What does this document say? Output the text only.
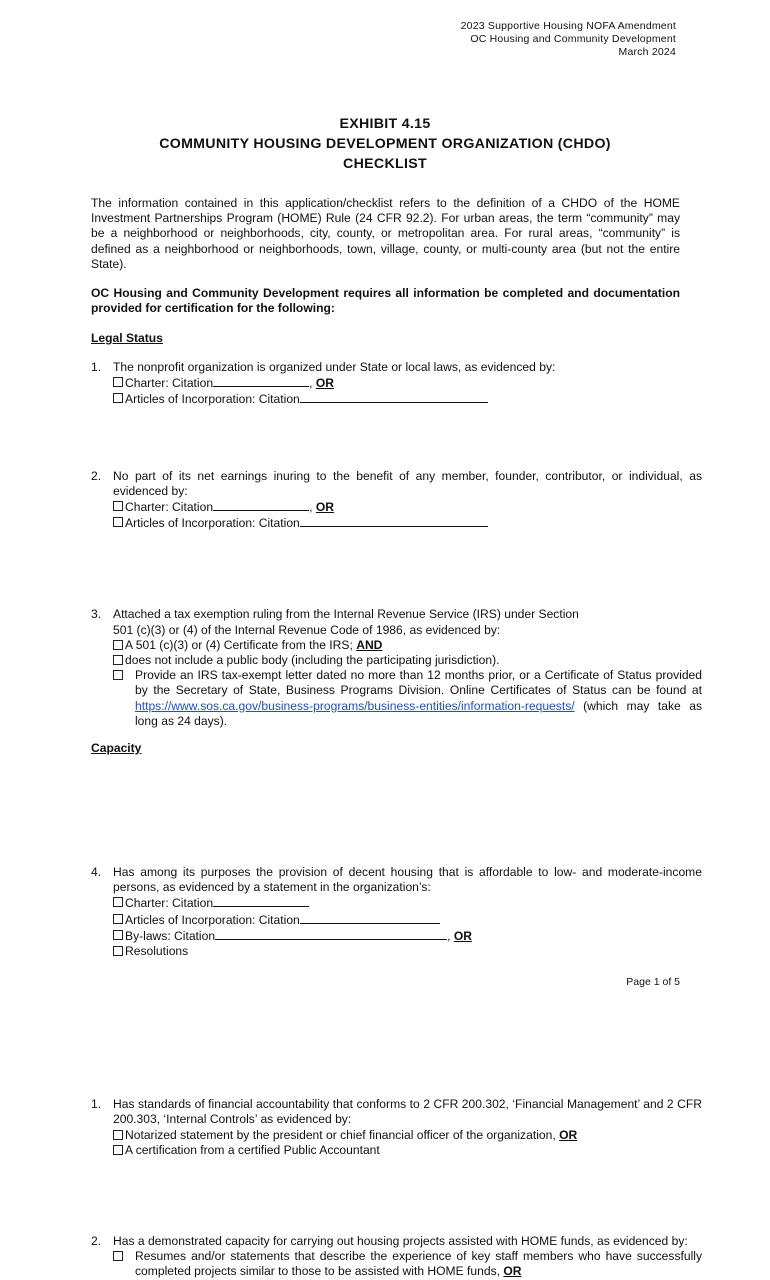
2023 Supportive Housing NOFA Amendment
OC Housing and Community Development
March 2024
EXHIBIT 4.15
COMMUNITY HOUSING DEVELOPMENT ORGANIZATION (CHDO)
CHECKLIST
The information contained in this application/checklist refers to the definition of a CHDO of the HOME Investment Partnerships Program (HOME) Rule (24 CFR 92.2). For urban areas, the term “community” may be a neighborhood or neighborhoods, city, county, or metropolitan area. For rural areas, “community” is defined as a neighborhood or neighborhoods, town, village, county, or multi-county area (but not the entire State).
OC Housing and Community Development requires all information be completed and documentation provided for certification for the following:
Legal Status
1. The nonprofit organization is organized under State or local laws, as evidenced by:
Charter: Citation	, OR
Articles of Incorporation: Citation
2. No part of its net earnings inuring to the benefit of any member, founder, contributor, or individual, as evidenced by:
Charter: Citation	, OR
Articles of Incorporation: Citation
3. Attached a tax exemption ruling from the Internal Revenue Service (IRS) under Section
501 (c)(3) or (4) of the Internal Revenue Code of 1986, as evidenced by:
A 501 (c)(3) or (4) Certificate from the IRS; AND
does not include a public body (including the participating jurisdiction).
Provide an IRS tax-exempt letter dated no more than 12 months prior, or a Certificate of Status provided by the Secretary of State, Business Programs Division. Online Certificates of Status can be found at https://www.sos.ca.gov/business-programs/business-entities/information-requests/ (which may take as long as 24 days).
4. Has among its purposes the provision of decent housing that is affordable to low- and moderate-income persons, as evidenced by a statement in the organization’s:
Charter: Citation
Articles of Incorporation: Citation
By-laws: Citation	, OR
Resolutions
Capacity
1. Has standards of financial accountability that conforms to 2 CFR 200.302, ‘Financial Management’ and 2 CFR 200.303, ‘Internal Controls’ as evidenced by:
Notarized statement by the president or chief financial officer of the organization, OR
A certification from a certified Public Accountant
2. Has a demonstrated capacity for carrying out housing projects assisted with HOME funds, as evidenced by:
Resumes and/or statements that describe the experience of key staff members who have successfully completed projects similar to those to be assisted with HOME funds, OR
Page 1 of 5
